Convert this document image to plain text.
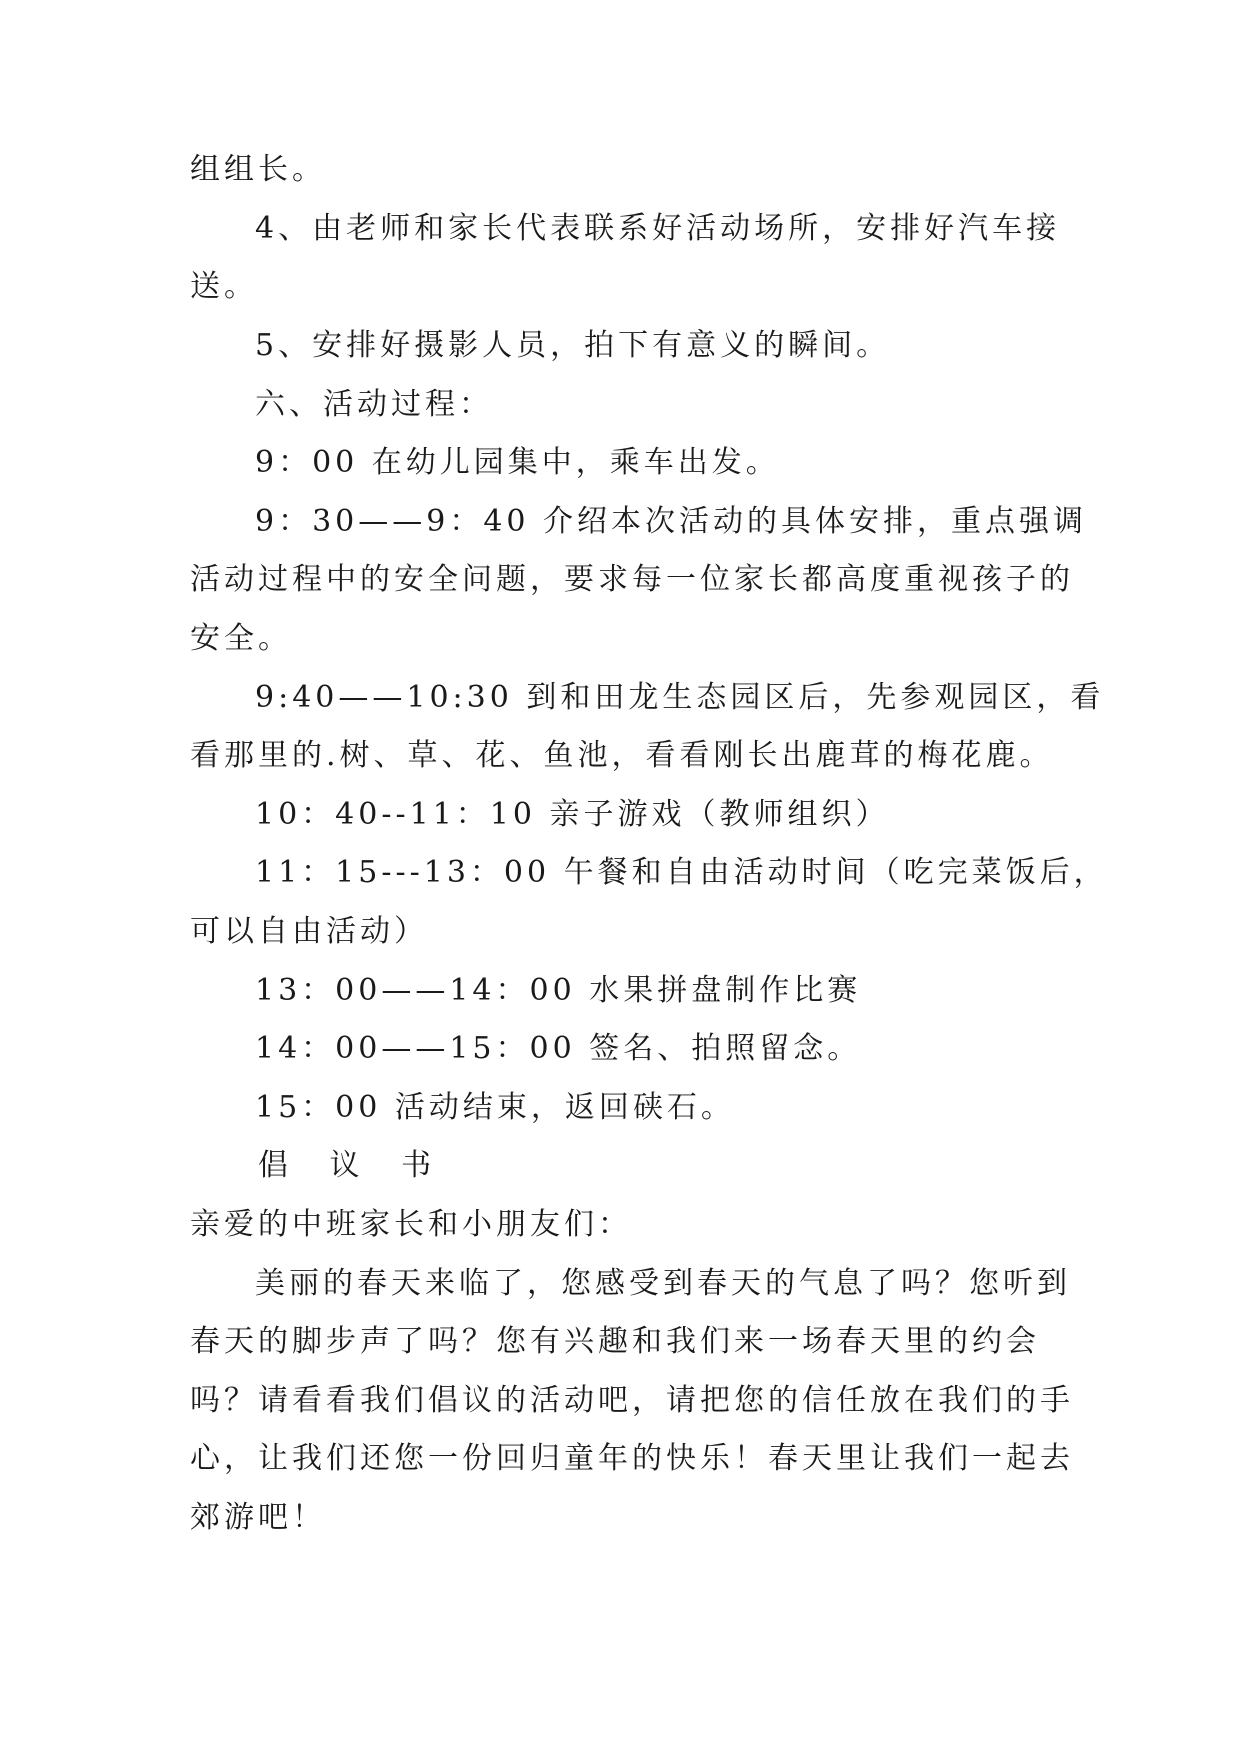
组组长。
4、由老师和家长代表联系好活动场所，安排好汽车接
送。
5、安排好摄影人员，拍下有意义的瞬间。
六、活动过程：
9：00 在幼儿园集中，乘车出发。
9：30——9：40 介绍本次活动的具体安排，重点强调
活动过程中的安全问题，要求每一位家长都高度重视孩子的
安全。
9:40——10:30 到和田龙生态园区后，先参观园区，看
看那里的.树、草、花、鱼池，看看刚长出鹿茸的梅花鹿。
10：40--11：10 亲子游戏（教师组织）
11：15---13：00 午餐和自由活动时间（吃完菜饭后，
可以自由活动）
13：00——14：00 水果拼盘制作比赛
14：00——15：00 签名、拍照留念。
15：00 活动结束，返回硖石。
倡 议 书
亲爱的中班家长和小朋友们：
美丽的春天来临了，您感受到春天的气息了吗？您听到
春天的脚步声了吗？您有兴趣和我们来一场春天里的约会
吗？请看看我们倡议的活动吧，请把您的信任放在我们的手
心，让我们还您一份回归童年的快乐！春天里让我们一起去
郊游吧！
